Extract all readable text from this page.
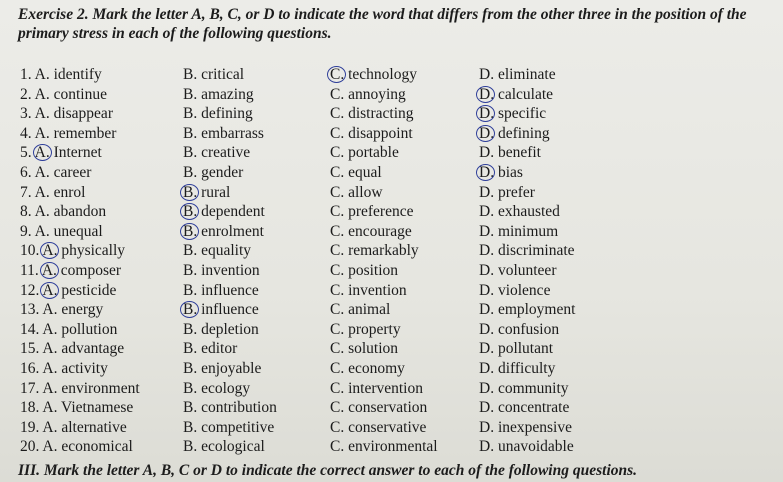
Exercise 2. Mark the letter A, B, C, or D to indicate the word that differs from the other three in the position of the primary stress in each of the following questions.
1. A. identify	B. critical	C. technology	D. eliminate
2. A. continue	B. amazing	C. annoying	D. calculate
3. A. disappear	B. defining	C. distracting	D. specific
4. A. remember	B. embarrass	C. disappoint	D. defining
5. A. Internet	B. creative	C. portable	D. benefit
6. A. career	B. gender	C. equal	D. bias
7. A. enrol	B. rural	C. allow	D. prefer
8. A. abandon	B. dependent	C. preference	D. exhausted
9. A. unequal	B. enrolment	C. encourage	D. minimum
10. A. physically	B. equality	C. remarkably	D. discriminate
11. A. composer	B. invention	C. position	D. volunteer
12. A. pesticide	B. influence	C. invention	D. violence
13. A. energy	B. influence	C. animal	D. employment
14. A. pollution	B. depletion	C. property	D. confusion
15. A. advantage	B. editor	C. solution	D. pollutant
16. A. activity	B. enjoyable	C. economy	D. difficulty
17. A. environment	B. ecology	C. intervention	D. community
18. A. Vietnamese	B. contribution	C. conservation	D. concentrate
19. A. alternative	B. competitive	C. conservative	D. inexpensive
20. A. economical	B. ecological	C. environmental	D. unavoidable
III. Mark the letter A, B, C or D to indicate the correct answer to each of the following questions.
